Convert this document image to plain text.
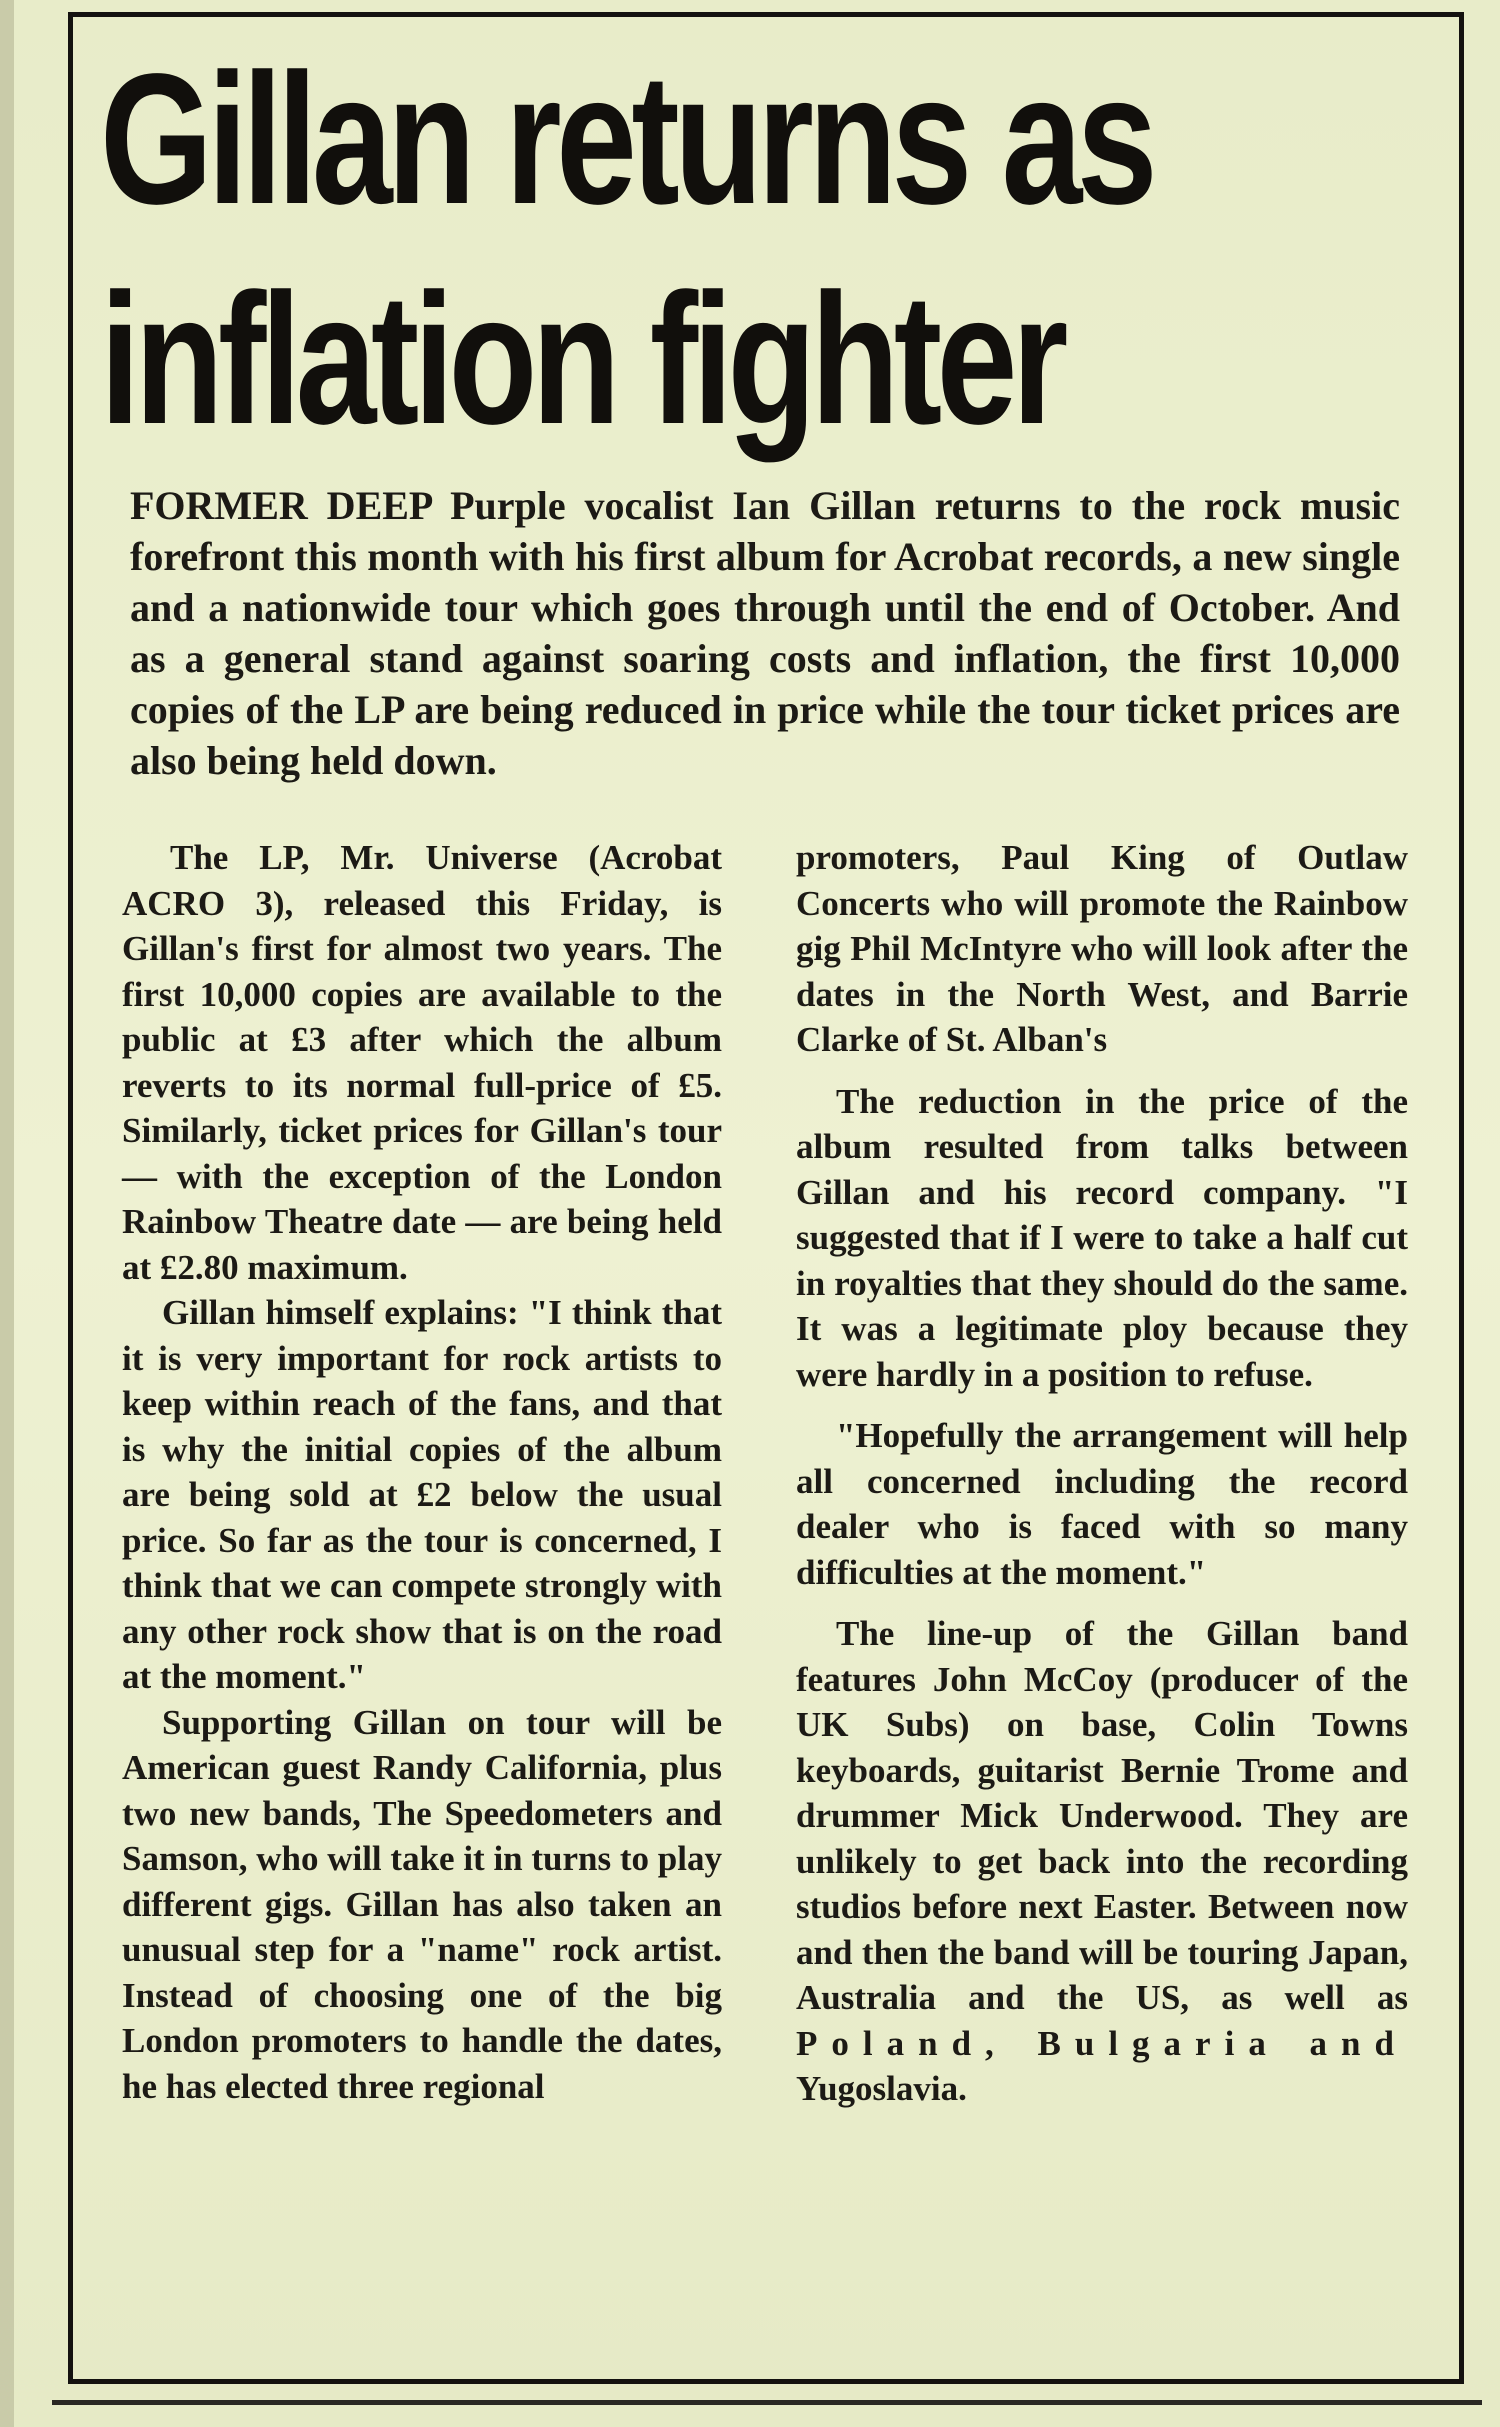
Gillan returns as
inflation fighter

FORMER DEEP Purple vocalist Ian Gillan returns to the rock music forefront this month with his first album for Acrobat records, a new single and a nationwide tour which goes through until the end of October. And as a general stand against soaring costs and inflation, the first 10,000 copies of the LP are being reduced in price while the tour ticket prices are also being held down.

The LP, Mr. Universe (Acrobat ACRO 3), released this Friday, is Gillan's first for almost two years. The first 10,000 copies are available to the public at £3 after which the album reverts to its normal full-price of £5. Similarly, ticket prices for Gillan's tour — with the exception of the London Rainbow Theatre date — are being held at £2.80 maximum.

Gillan himself explains: "I think that it is very important for rock artists to keep within reach of the fans, and that is why the initial copies of the album are being sold at £2 below the usual price. So far as the tour is concerned, I think that we can compete strongly with any other rock show that is on the road at the moment."

Supporting Gillan on tour will be American guest Randy California, plus two new bands, The Speedometers and Samson, who will take it in turns to play different gigs. Gillan has also taken an unusual step for a "name" rock artist. Instead of choosing one of the big London promoters to handle the dates, he has elected three regional

promoters, Paul King of Outlaw Concerts who will promote the Rainbow gig Phil McIntyre who will look after the dates in the North West, and Barrie Clarke of St. Alban's

The reduction in the price of the album resulted from talks between Gillan and his record company. "I suggested that if I were to take a half cut in royalties that they should do the same. It was a legitimate ploy because they were hardly in a position to refuse.

"Hopefully the arrangement will help all concerned including the record dealer who is faced with so many difficulties at the moment."

The line-up of the Gillan band features John McCoy (producer of the UK Subs) on base, Colin Towns keyboards, guitarist Bernie Trome and drummer Mick Underwood. They are unlikely to get back into the recording studios before next Easter. Between now and then the band will be touring Japan, Australia and the US, as well as Poland, Bulgaria and Yugoslavia.
